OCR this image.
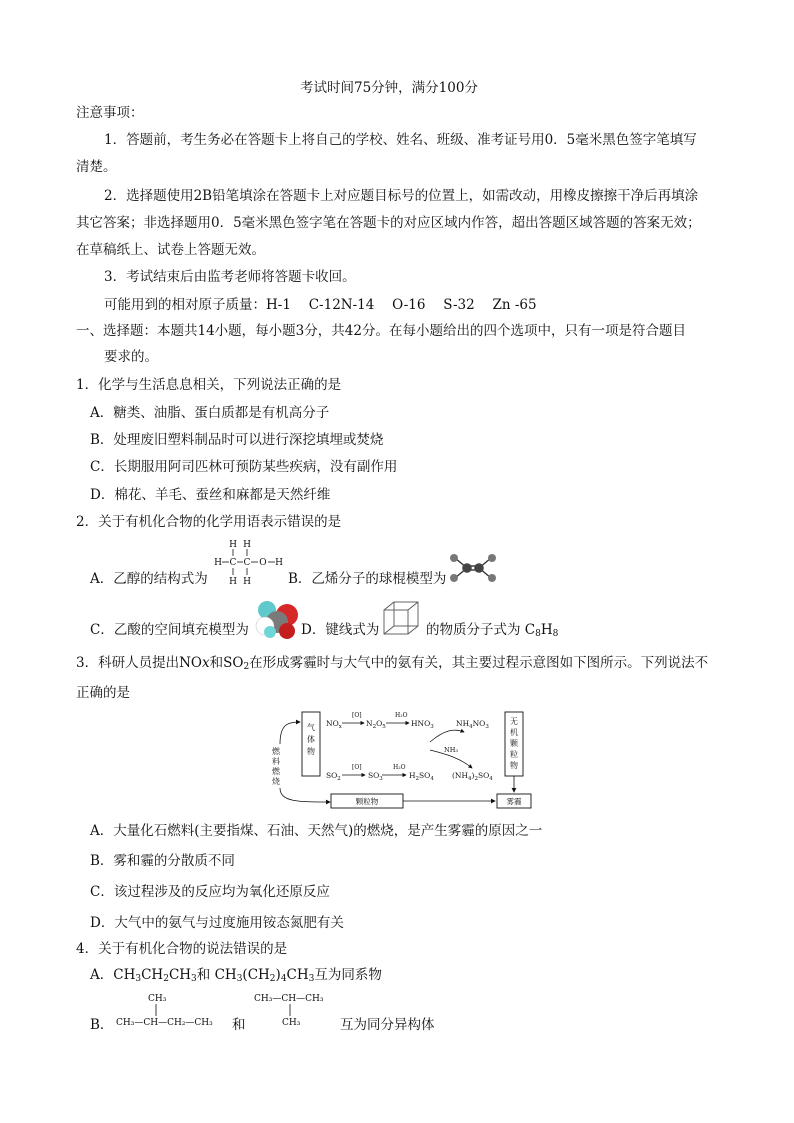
考试时间75分钟，满分100分
注意事项：
1．答题前，考生务必在答题卡上将自己的学校、姓名、班级、准考证号用0．5毫米黑色签字笔填写
清楚。
2．选择题使用2B铅笔填涂在答题卡上对应题目标号的位置上，如需改动，用橡皮擦擦干净后再填涂
其它答案；非选择题用0．5毫米黑色签字笔在答题卡的对应区域内作答，超出答题区域答题的答案无效；
在草稿纸上、试卷上答题无效。
3．考试结束后由监考老师将答题卡收回。
可能用到的相对原子质量：H-1　 C-12N-14　 O-16　 S-32　 Zn -65
一、选择题：本题共14小题，每小题3分，共42分。在每小题给出的四个选项中，只有一项是符合题目
要求的。
1．化学与生活息息相关，下列说法正确的是
A．糖类、油脂、蛋白质都是有机高分子
B．处理废旧塑料制品时可以进行深挖填埋或焚烧
C．长期服用阿司匹林可预防某些疾病，没有副作用
D．棉花、羊毛、蚕丝和麻都是天然纤维
2．关于有机化合物的化学用语表示错误的是
A．乙醇的结构式为
H H
H C C O H
H H	B．乙烯分子的球棍模型为
C．乙酸的空间填充模型为	D．键线式为	的物质分子式为 $C_8H_8$
3．科研人员提出NOx和$SO_2$在形成雾霾时与大气中的氨有关，其主要过程示意图如下图所示。下列说法不
正确的是
气
体
物
无
机
颗
粒
物
燃
料
燃
烧
$NO_x$	$N_2O_5$	$HNO_3$	$NH_4NO_3$
[O]	H₂O
$SO_2$	$SO_3$	$H_2SO_4$ $(NH_4)_2SO_4$
[O]	H₂O
NH₃
颗粒物	雾霾
A．大量化石燃料(主要指煤、石油、天然气)的燃烧，是产生雾霾的原因之一
B．雾和霾的分散质不同
C．该过程涉及的反应均为氧化还原反应
D．大气中的氨气与过度施用铵态氮肥有关
4．关于有机化合物的说法错误的是
A．$CH_3CH_2CH_3$和 $CH_3(CH_2)_4CH_3$互为同系物
B．
CH₃
CH₃—CH—CH₂—CH₃ 和
CH₃—CH—CH₃
CH₃	互为同分异构体
